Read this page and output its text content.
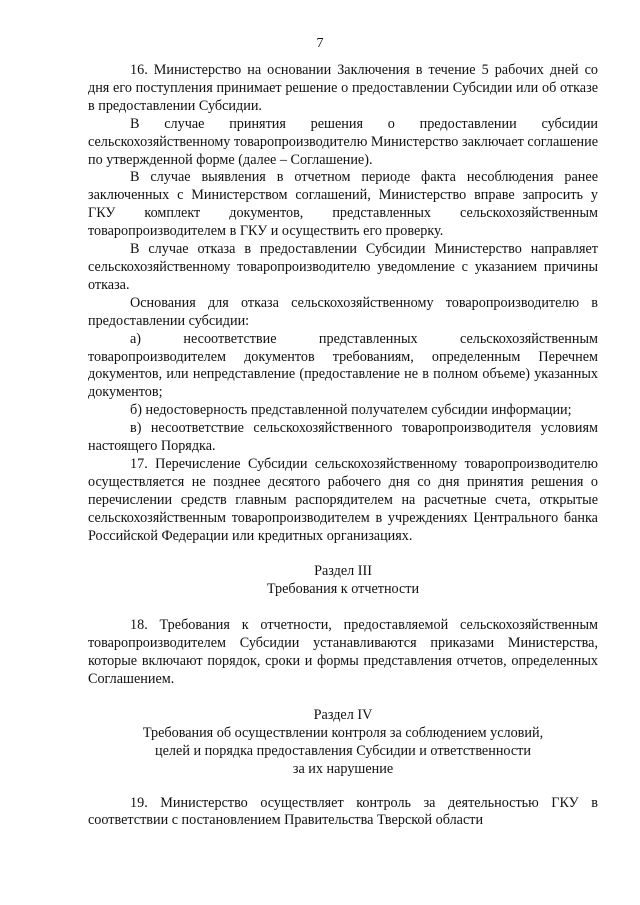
7

16. Министерство на основании Заключения в течение 5 рабочих дней со дня его поступления принимает решение о предоставлении Субсидии или об отказе в предоставлении Субсидии.

В случае принятия решения о предоставлении субсидии сельскохозяйственному товаропроизводителю Министерство заключает соглашение по утвержденной форме (далее – Соглашение).

В случае выявления в отчетном периоде факта несоблюдения ранее заключенных с Министерством соглашений, Министерство вправе запросить у ГКУ комплект документов, представленных сельскохозяйственным товаропроизводителем в ГКУ и осуществить его проверку.

В случае отказа в предоставлении Субсидии Министерство направляет сельскохозяйственному товаропроизводителю уведомление с указанием причины отказа.

Основания для отказа сельскохозяйственному товаропроизводителю в предоставлении субсидии:

а) несоответствие представленных сельскохозяйственным товаропроизводителем документов требованиям, определенным Перечнем документов, или непредставление (предоставление не в полном объеме) указанных документов;

б) недостоверность представленной получателем субсидии информации;

в) несоответствие сельскохозяйственного товаропроизводителя условиям настоящего Порядка.

17. Перечисление Субсидии сельскохозяйственному товаропроизводителю осуществляется не позднее десятого рабочего дня со дня принятия решения о перечислении средств главным распорядителем на расчетные счета, открытые сельскохозяйственным товаропроизводителем в учреждениях Центрального банка Российской Федерации или кредитных организациях.

Раздел III

Требования к отчетности

18. Требования к отчетности, предоставляемой сельскохозяйственным товаропроизводителем Субсидии устанавливаются приказами Министерства, которые включают порядок, сроки и формы представления отчетов, определенных Соглашением.

Раздел IV

Требования об осуществлении контроля за соблюдением условий,

целей и порядка предоставления Субсидии и ответственности

за их нарушение

19. Министерство осуществляет контроль за деятельностью ГКУ в соответствии с постановлением Правительства Тверской области
